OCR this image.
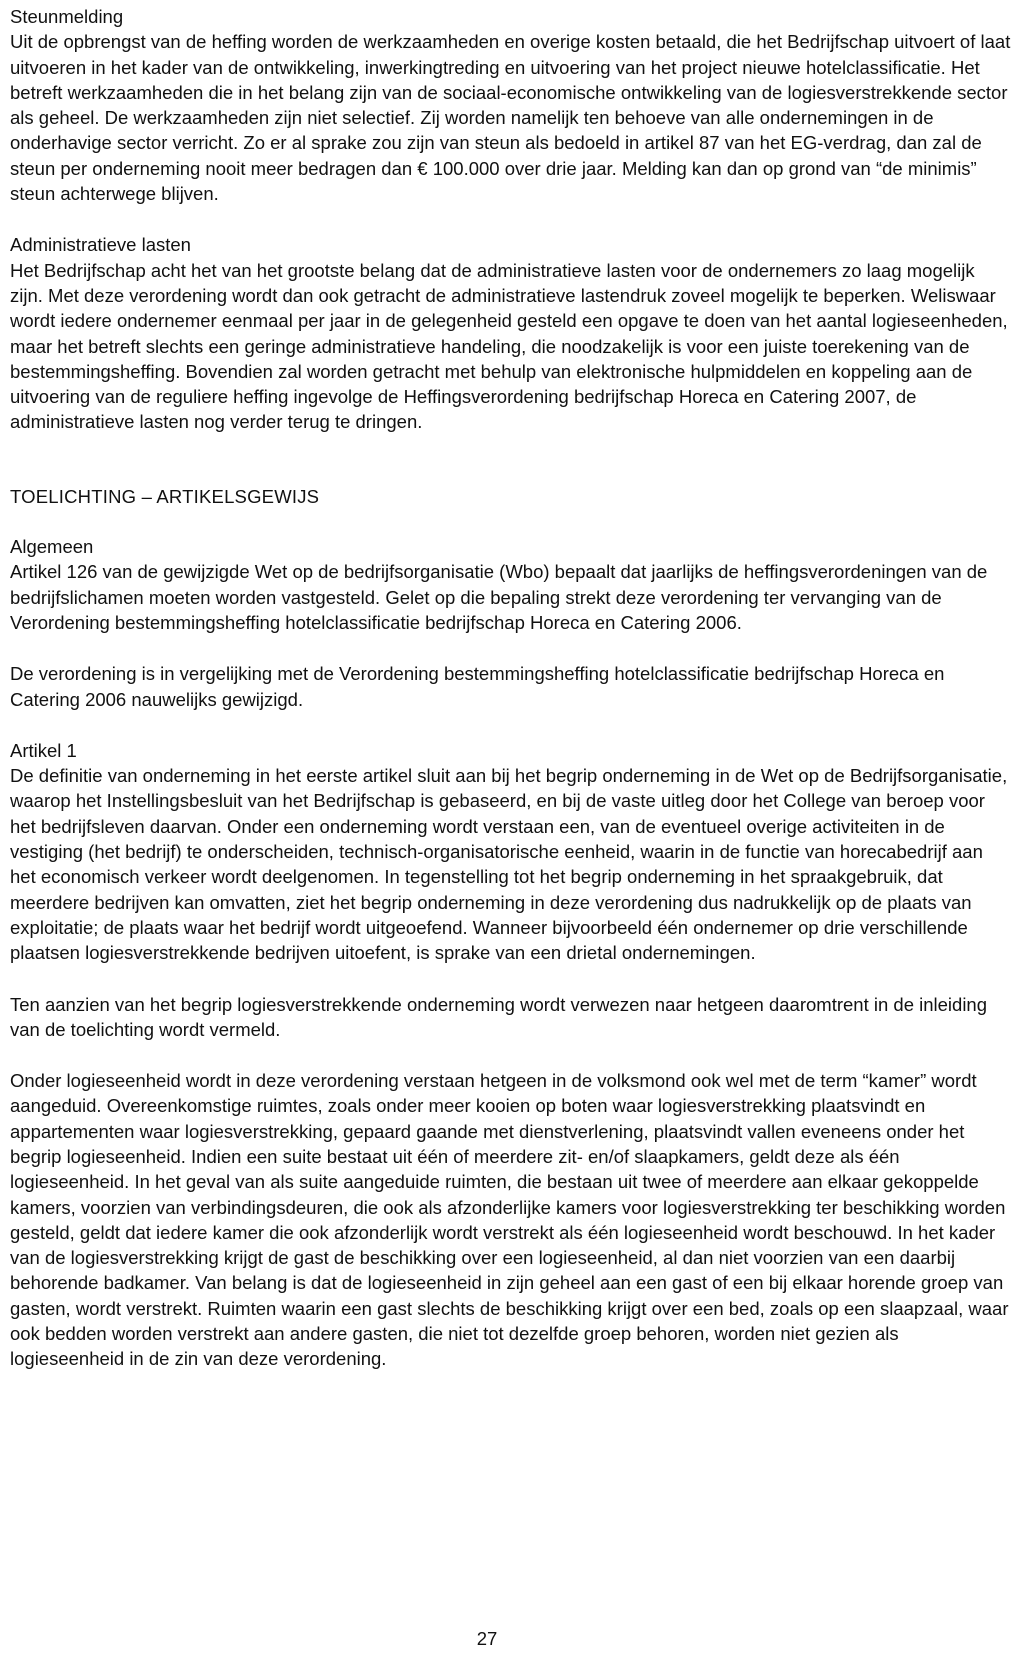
Steunmelding

Uit de opbrengst van de heffing worden de werkzaamheden en overige kosten betaald, die het Bedrijfschap uitvoert of laat uitvoeren in het kader van de ontwikkeling, inwerkingtreding en uitvoering van het project nieuwe hotelclassificatie. Het betreft werkzaamheden die in het belang zijn van de sociaal-economische ontwikkeling van de logiesverstrekkende sector als geheel. De werkzaamheden zijn niet selectief. Zij worden namelijk ten behoeve van alle ondernemingen in de onderhavige sector verricht. Zo er al sprake zou zijn van steun als bedoeld in artikel 87 van het EG-verdrag, dan zal de steun per onderneming nooit meer bedragen dan € 100.000 over drie jaar. Melding kan dan op grond van “de minimis” steun achterwege blijven.

Administratieve lasten

Het Bedrijfschap acht het van het grootste belang dat de administratieve lasten voor de ondernemers zo laag mogelijk zijn. Met deze verordening wordt dan ook getracht de administratieve lastendruk zoveel mogelijk te beperken. Weliswaar wordt iedere ondernemer eenmaal per jaar in de gelegenheid gesteld een opgave te doen van het aantal logieseenheden, maar het betreft slechts een geringe administratieve handeling, die noodzakelijk is voor een juiste toerekening van de bestemmingsheffing. Bovendien zal worden getracht met behulp van elektronische hulpmiddelen en koppeling aan de uitvoering van de reguliere heffing ingevolge de Heffingsverordening bedrijfschap Horeca en Catering 2007, de administratieve lasten nog verder terug te dringen.

TOELICHTING – ARTIKELSGEWIJS

Algemeen

Artikel 126 van de gewijzigde Wet op de bedrijfsorganisatie (Wbo) bepaalt dat jaarlijks de heffingsverordeningen van de bedrijfslichamen moeten worden vastgesteld. Gelet op die bepaling strekt deze verordening ter vervanging van de Verordening bestemmingsheffing hotelclassificatie bedrijfschap Horeca en Catering 2006.

De verordening is in vergelijking met de Verordening bestemmingsheffing hotelclassificatie bedrijfschap Horeca en Catering 2006 nauwelijks gewijzigd.

Artikel 1

De definitie van onderneming in het eerste artikel sluit aan bij het begrip onderneming in de Wet op de Bedrijfsorganisatie, waarop het Instellingsbesluit van het Bedrijfschap is gebaseerd, en bij de vaste uitleg door het College van beroep voor het bedrijfsleven daarvan. Onder een onderneming wordt verstaan een, van de eventueel overige activiteiten in de vestiging (het bedrijf) te onderscheiden, technisch-organisatorische eenheid, waarin in de functie van horecabedrijf aan het economisch verkeer wordt deelgenomen. In tegenstelling tot het begrip onderneming in het spraakgebruik, dat meerdere bedrijven kan omvatten, ziet het begrip onderneming in deze verordening dus nadrukkelijk op de plaats van exploitatie; de plaats waar het bedrijf wordt uitgeoefend. Wanneer bijvoorbeeld één ondernemer op drie verschillende plaatsen logiesverstrekkende bedrijven uitoefent, is sprake van een drietal ondernemingen.

Ten aanzien van het begrip logiesverstrekkende onderneming wordt verwezen naar hetgeen daaromtrent in de inleiding van de toelichting wordt vermeld.

Onder logieseenheid wordt in deze verordening verstaan hetgeen in de volksmond ook wel met de term “kamer” wordt aangeduid. Overeenkomstige ruimtes, zoals onder meer kooien op boten waar logiesverstrekking plaatsvindt en appartementen waar logiesverstrekking, gepaard gaande met dienstverlening, plaatsvindt vallen eveneens onder het begrip logieseenheid. Indien een suite bestaat uit één of meerdere zit- en/of slaapkamers, geldt deze als één logieseenheid. In het geval van als suite aangeduide ruimten, die bestaan uit twee of meerdere aan elkaar gekoppelde kamers, voorzien van verbindingsdeuren, die ook als afzonderlijke kamers voor logiesverstrekking ter beschikking worden gesteld, geldt dat iedere kamer die ook afzonderlijk wordt verstrekt als één logieseenheid wordt beschouwd. In het kader van de logiesverstrekking krijgt de gast de beschikking over een logieseenheid, al dan niet voorzien van een daarbij behorende badkamer. Van belang is dat de logieseenheid in zijn geheel aan een gast of een bij elkaar horende groep van gasten, wordt verstrekt. Ruimten waarin een gast slechts de beschikking krijgt over een bed, zoals op een slaapzaal, waar ook bedden worden verstrekt aan andere gasten, die niet tot dezelfde groep behoren, worden niet gezien als logieseenheid in de zin van deze verordening.

27
